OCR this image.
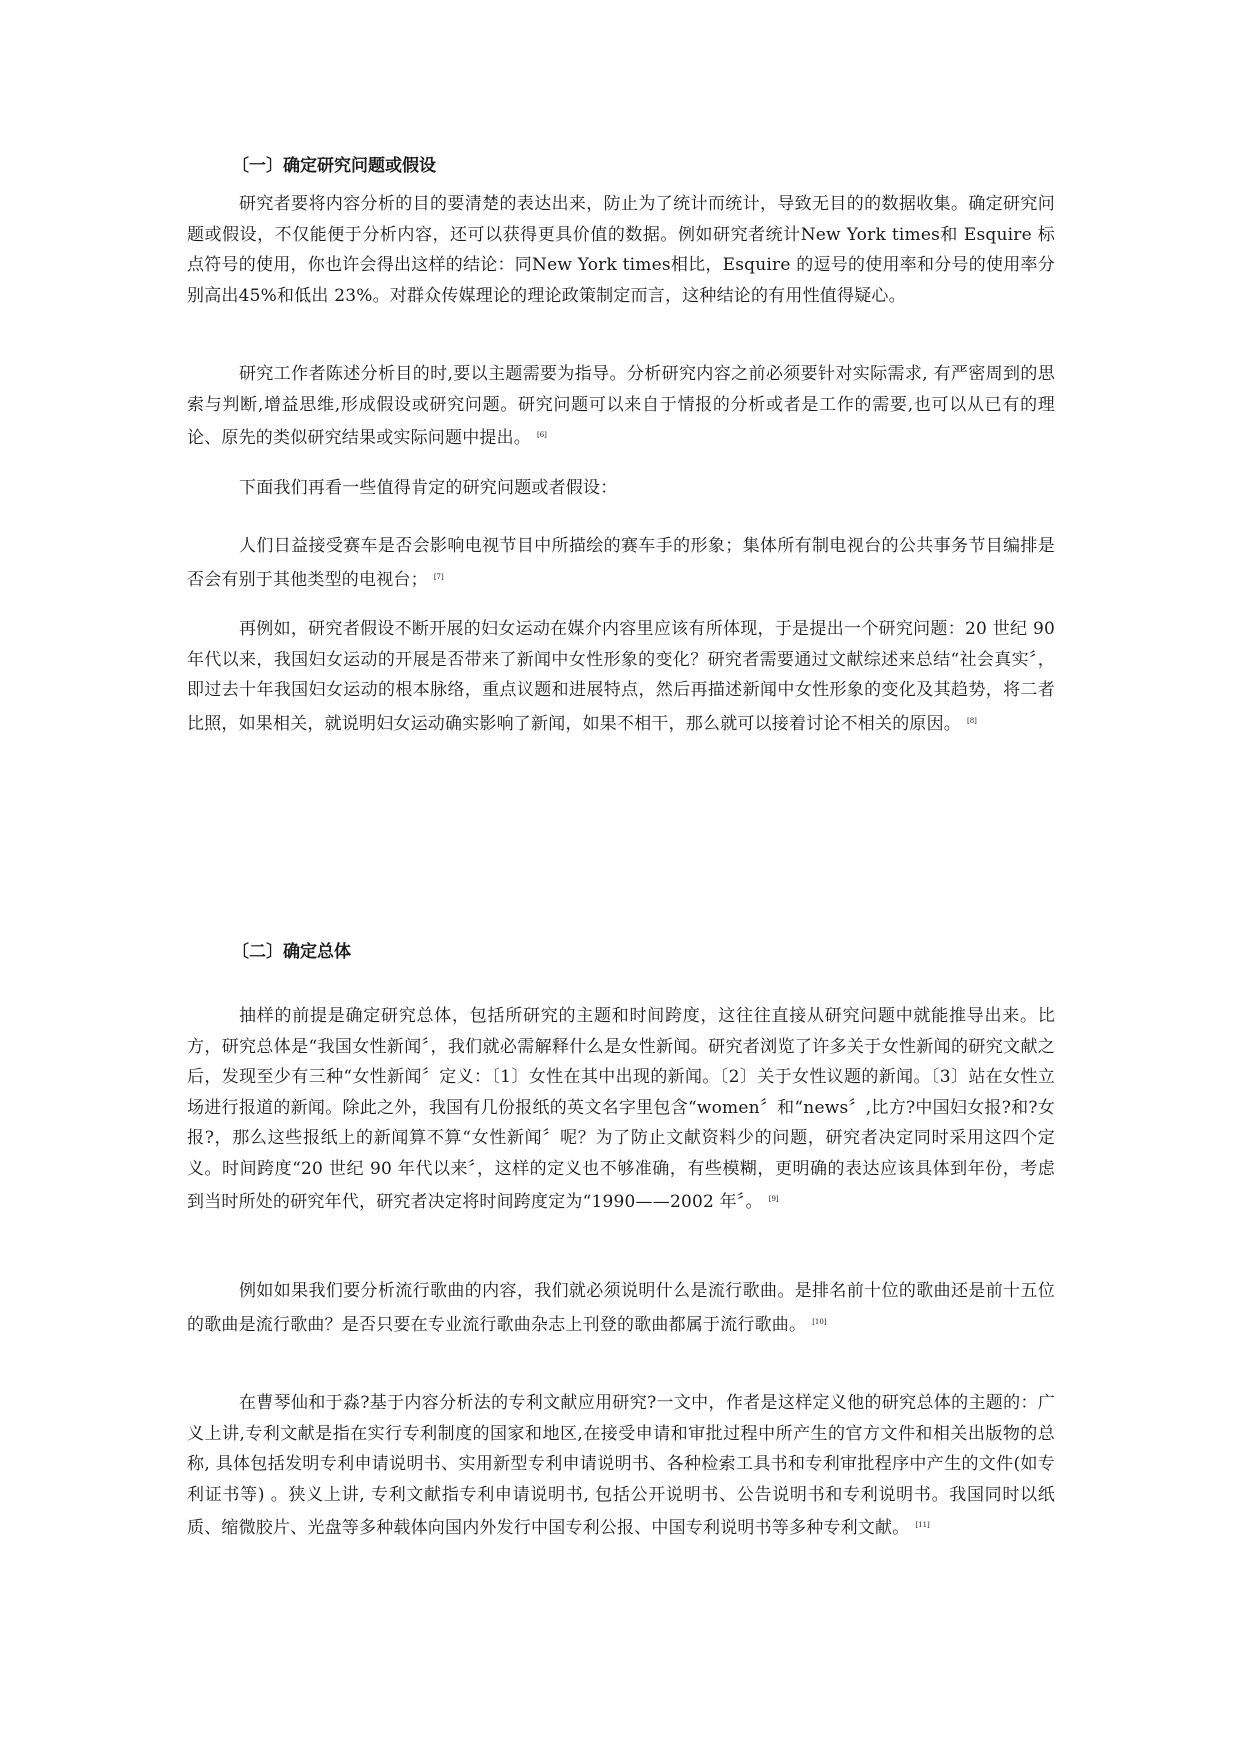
〔一〕确定研究问题或假设
研究者要将内容分析的目的要清楚的表达出来，防止为了统计而统计，导致无目的的数据收集。确定研究问题或假设，不仅能便于分析内容，还可以获得更具价值的数据。例如研究者统计New York times和 Esquire 标点符号的使用，你也许会得出这样的结论：同New York times相比，Esquire 的逗号的使用率和分号的使用率分别高出45%和低出 23%。对群众传媒理论的理论政策制定而言，这种结论的有用性值得疑心。
研究工作者陈述分析目的时,要以主题需要为指导。分析研究内容之前必须要针对实际需求, 有严密周到的思索与判断,增益思维,形成假设或研究问题。研究问题可以来自于情报的分析或者是工作的需要,也可以从已有的理论、原先的类似研究结果或实际问题中提出。 [6]
下面我们再看一些值得肯定的研究问题或者假设：
人们日益接受赛车是否会影响电视节目中所描绘的赛车手的形象；集体所有制电视台的公共事务节目编排是否会有别于其他类型的电视台； [7]
再例如，研究者假设不断开展的妇女运动在媒介内容里应该有所体现，于是提出一个研究问题：20 世纪 90 年代以来，我国妇女运动的开展是否带来了新闻中女性形象的变化？研究者需要通过文献综述来总结“社会真实〞，即过去十年我国妇女运动的根本脉络，重点议题和进展特点，然后再描述新闻中女性形象的变化及其趋势，将二者比照，如果相关，就说明妇女运动确实影响了新闻，如果不相干，那么就可以接着讨论不相关的原因。 [8]
〔二〕确定总体
抽样的前提是确定研究总体，包括所研究的主题和时间跨度，这往往直接从研究问题中就能推导出来。比方，研究总体是“我国女性新闻〞，我们就必需解释什么是女性新闻。研究者浏览了许多关于女性新闻的研究文献之后，发现至少有三种“女性新闻〞定义：〔1〕女性在其中出现的新闻。〔2〕关于女性议题的新闻。〔3〕站在女性立场进行报道的新闻。除此之外，我国有几份报纸的英文名字里包含“women〞和“news〞,比方?中国妇女报?和?女报?，那么这些报纸上的新闻算不算“女性新闻〞呢？为了防止文献资料少的问题，研究者决定同时采用这四个定义。时间跨度“20 世纪 90 年代以来〞，这样的定义也不够准确，有些模糊，更明确的表达应该具体到年份，考虑到当时所处的研究年代，研究者决定将时间跨度定为“1990——2002 年〞。 [9]
例如如果我们要分析流行歌曲的内容，我们就必须说明什么是流行歌曲。是排名前十位的歌曲还是前十五位的歌曲是流行歌曲？是否只要在专业流行歌曲杂志上刊登的歌曲都属于流行歌曲。 [10]
在曹琴仙和于淼?基于内容分析法的专利文献应用研究?一文中，作者是这样定义他的研究总体的主题的：广义上讲,专利文献是指在实行专利制度的国家和地区,在接受申请和审批过程中所产生的官方文件和相关出版物的总称, 具体包括发明专利申请说明书、实用新型专利申请说明书、各种检索工具书和专利审批程序中产生的文件(如专利证书等) 。狭义上讲, 专利文献指专利申请说明书, 包括公开说明书、公告说明书和专利说明书。我国同时以纸质、缩微胶片、光盘等多种载体向国内外发行中国专利公报、中国专利说明书等多种专利文献。 [11]
